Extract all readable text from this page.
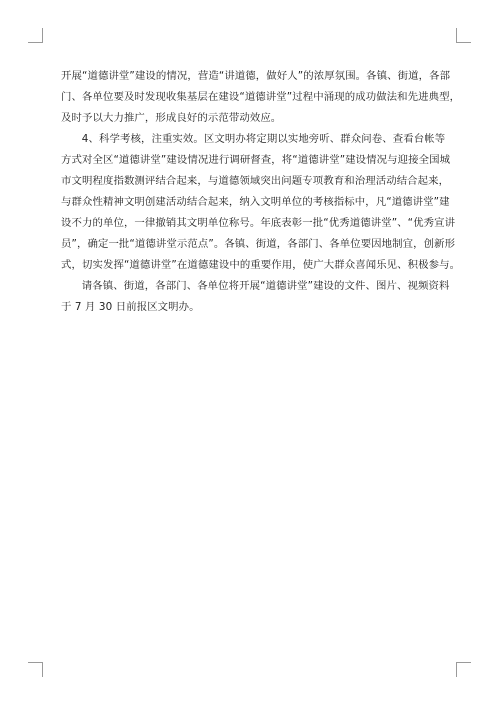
开展“道德讲堂”建设的情况，营造“讲道德，做好人”的浓厚氛围。各镇、街道，各部
门、各单位要及时发现收集基层在建设“道德讲堂”过程中涌现的成功做法和先进典型，
及时予以大力推广，形成良好的示范带动效应。

4、科学考核，注重实效。区文明办将定期以实地旁听、群众问卷、查看台帐等
方式对全区“道德讲堂”建设情况进行调研督查，将“道德讲堂”建设情况与迎接全国城
市文明程度指数测评结合起来，与道德领域突出问题专项教育和治理活动结合起来，
与群众性精神文明创建活动结合起来，纳入文明单位的考核指标中，凡“道德讲堂”建
设不力的单位，一律撤销其文明单位称号。年底表彰一批“优秀道德讲堂”、“优秀宣讲
员”，确定一批“道德讲堂示范点”。各镇、街道，各部门、各单位要因地制宜，创新形
式，切实发挥“道德讲堂”在道德建设中的重要作用，使广大群众喜闻乐见、积极参与。

请各镇、街道，各部门、各单位将开展“道德讲堂”建设的文件、图片、视频资料
于 7 月 30 日前报区文明办。
